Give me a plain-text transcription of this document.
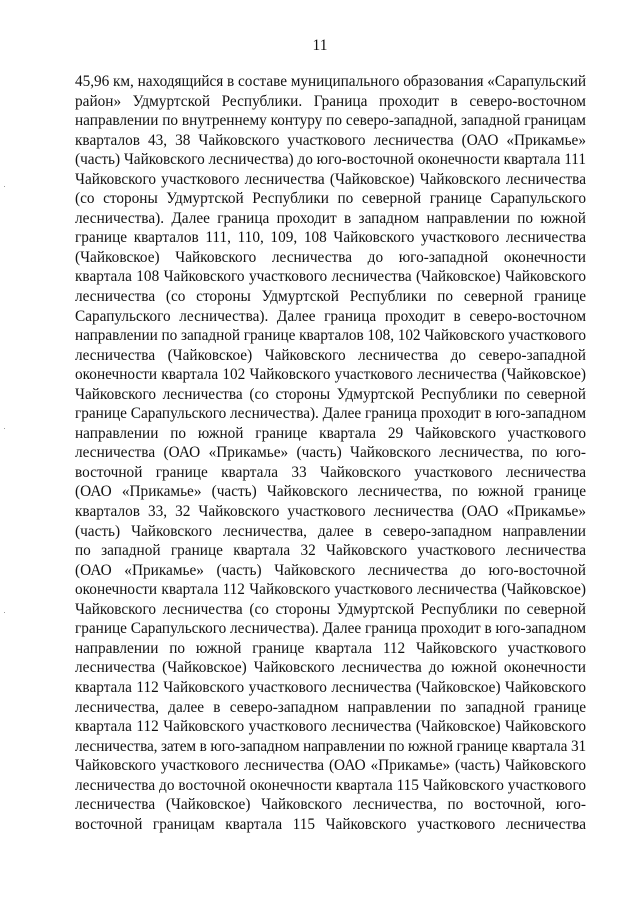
11
45,96 км, находящийся в составе муниципального образования «Сарапульский
район» Удмуртской Республики. Граница проходит в северо-восточном
направлении по внутреннему контуру по северо-западной, западной границам
кварталов 43, 38 Чайковского участкового лесничества (ОАО «Прикамье»
(часть) Чайковского лесничества) до юго-восточной оконечности квартала 111
Чайковского участкового лесничества (Чайковское) Чайковского лесничества
(со стороны Удмуртской Республики по северной границе Сарапульского
лесничества). Далее граница проходит в западном направлении по южной
границе кварталов 111, 110, 109, 108 Чайковского участкового лесничества
(Чайковское) Чайковского лесничества до юго-западной оконечности
квартала 108 Чайковского участкового лесничества (Чайковское) Чайковского
лесничества (со стороны Удмуртской Республики по северной границе
Сарапульского лесничества). Далее граница проходит в северо-восточном
направлении по западной границе кварталов 108, 102 Чайковского участкового
лесничества (Чайковское) Чайковского лесничества до северо-западной
оконечности квартала 102 Чайковского участкового лесничества (Чайковское)
Чайковского лесничества (со стороны Удмуртской Республики по северной
границе Сарапульского лесничества). Далее граница проходит в юго-западном
направлении по южной границе квартала 29 Чайковского участкового
лесничества (ОАО «Прикамье» (часть) Чайковского лесничества, по юго-
восточной границе квартала 33 Чайковского участкового лесничества
(ОАО «Прикамье» (часть) Чайковского лесничества, по южной границе
кварталов 33, 32 Чайковского участкового лесничества (ОАО «Прикамье»
(часть) Чайковского лесничества, далее в северо-западном направлении
по западной границе квартала 32 Чайковского участкового лесничества
(ОАО «Прикамье» (часть) Чайковского лесничества до юго-восточной
оконечности квартала 112 Чайковского участкового лесничества (Чайковское)
Чайковского лесничества (со стороны Удмуртской Республики по северной
границе Сарапульского лесничества). Далее граница проходит в юго-западном
направлении по южной границе квартала 112 Чайковского участкового
лесничества (Чайковское) Чайковского лесничества до южной оконечности
квартала 112 Чайковского участкового лесничества (Чайковское) Чайковского
лесничества, далее в северо-западном направлении по западной границе
квартала 112 Чайковского участкового лесничества (Чайковское) Чайковского
лесничества, затем в юго-западном направлении по южной границе квартала 31
Чайковского участкового лесничества (ОАО «Прикамье» (часть) Чайковского
лесничества до восточной оконечности квартала 115 Чайковского участкового
лесничества (Чайковское) Чайковского лесничества, по восточной, юго-
восточной границам квартала 115 Чайковского участкового лесничества
